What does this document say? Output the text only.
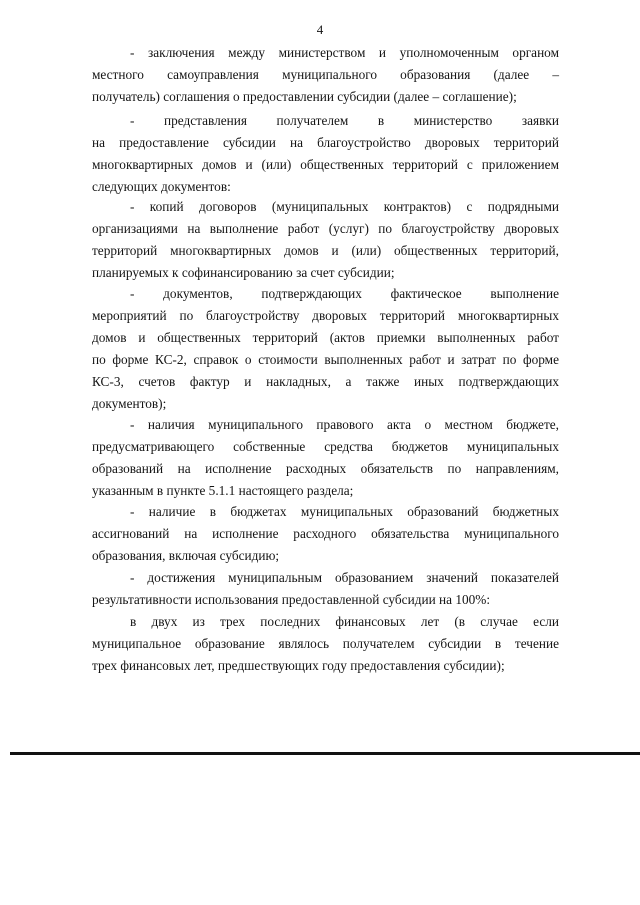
4
- заключения между министерством и уполномоченным органом
местного самоуправления муниципального образования (далее –
получатель) соглашения о предоставлении субсидии (далее – соглашение);
- представления получателем в министерство заявки
на предоставление субсидии на благоустройство дворовых территорий
многоквартирных домов и (или) общественных территорий с приложением
следующих документов:
- копий договоров (муниципальных контрактов) с подрядными
организациями на выполнение работ (услуг) по благоустройству дворовых
территорий многоквартирных домов и (или) общественных территорий,
планируемых к софинансированию за счет субсидии;
- документов, подтверждающих фактическое выполнение
мероприятий по благоустройству дворовых территорий многоквартирных
домов и общественных территорий (актов приемки выполненных работ
по форме КС-2, справок о стоимости выполненных работ и затрат по форме
КС-3, счетов фактур и накладных, а также иных подтверждающих
документов);
- наличия муниципального правового акта о местном бюджете,
предусматривающего собственные средства бюджетов муниципальных
образований на исполнение расходных обязательств по направлениям,
указанным в пункте 5.1.1 настоящего раздела;
- наличие в бюджетах муниципальных образований бюджетных
ассигнований на исполнение расходного обязательства муниципального
образования, включая субсидию;
- достижения муниципальным образованием значений показателей
результативности использования предоставленной субсидии на 100%:
в двух из трех последних финансовых лет (в случае если
муниципальное образование являлось получателем субсидии в течение
трех финансовых лет, предшествующих году предоставления субсидии);
